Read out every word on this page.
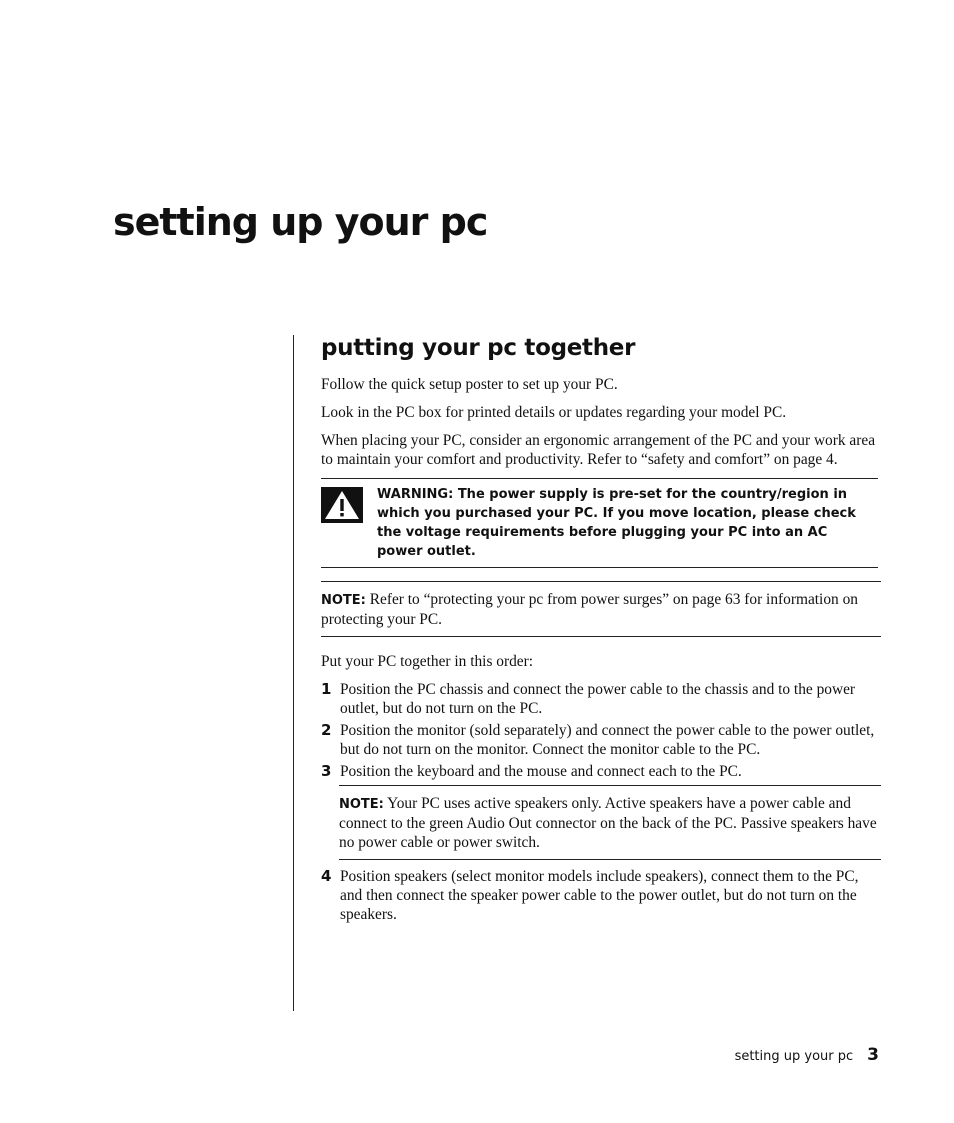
setting up your pc
putting your pc together

Follow the quick setup poster to set up your PC.

Look in the PC box for printed details or updates regarding your model PC.

When placing your PC, consider an ergonomic arrangement of the PC and your work area to maintain your comfort and productivity. Refer to “safety and comfort” on page 4.

WARNING: The power supply is pre-set for the country/region in which you purchased your PC. If you move location, please check the voltage requirements before plugging your PC into an AC power outlet.

NOTE: Refer to “protecting your pc from power surges” on page 63 for information on protecting your PC.

Put your PC together in this order:

1 Position the PC chassis and connect the power cable to the chassis and to the power outlet, but do not turn on the PC.
2 Position the monitor (sold separately) and connect the power cable to the power outlet, but do not turn on the monitor. Connect the monitor cable to the PC.
3 Position the keyboard and the mouse and connect each to the PC.

NOTE: Your PC uses active speakers only. Active speakers have a power cable and connect to the green Audio Out connector on the back of the PC. Passive speakers have no power cable or power switch.

4 Position speakers (select monitor models include speakers), connect them to the PC, and then connect the speaker power cable to the power outlet, but do not turn on the speakers.
setting up your pc 3
